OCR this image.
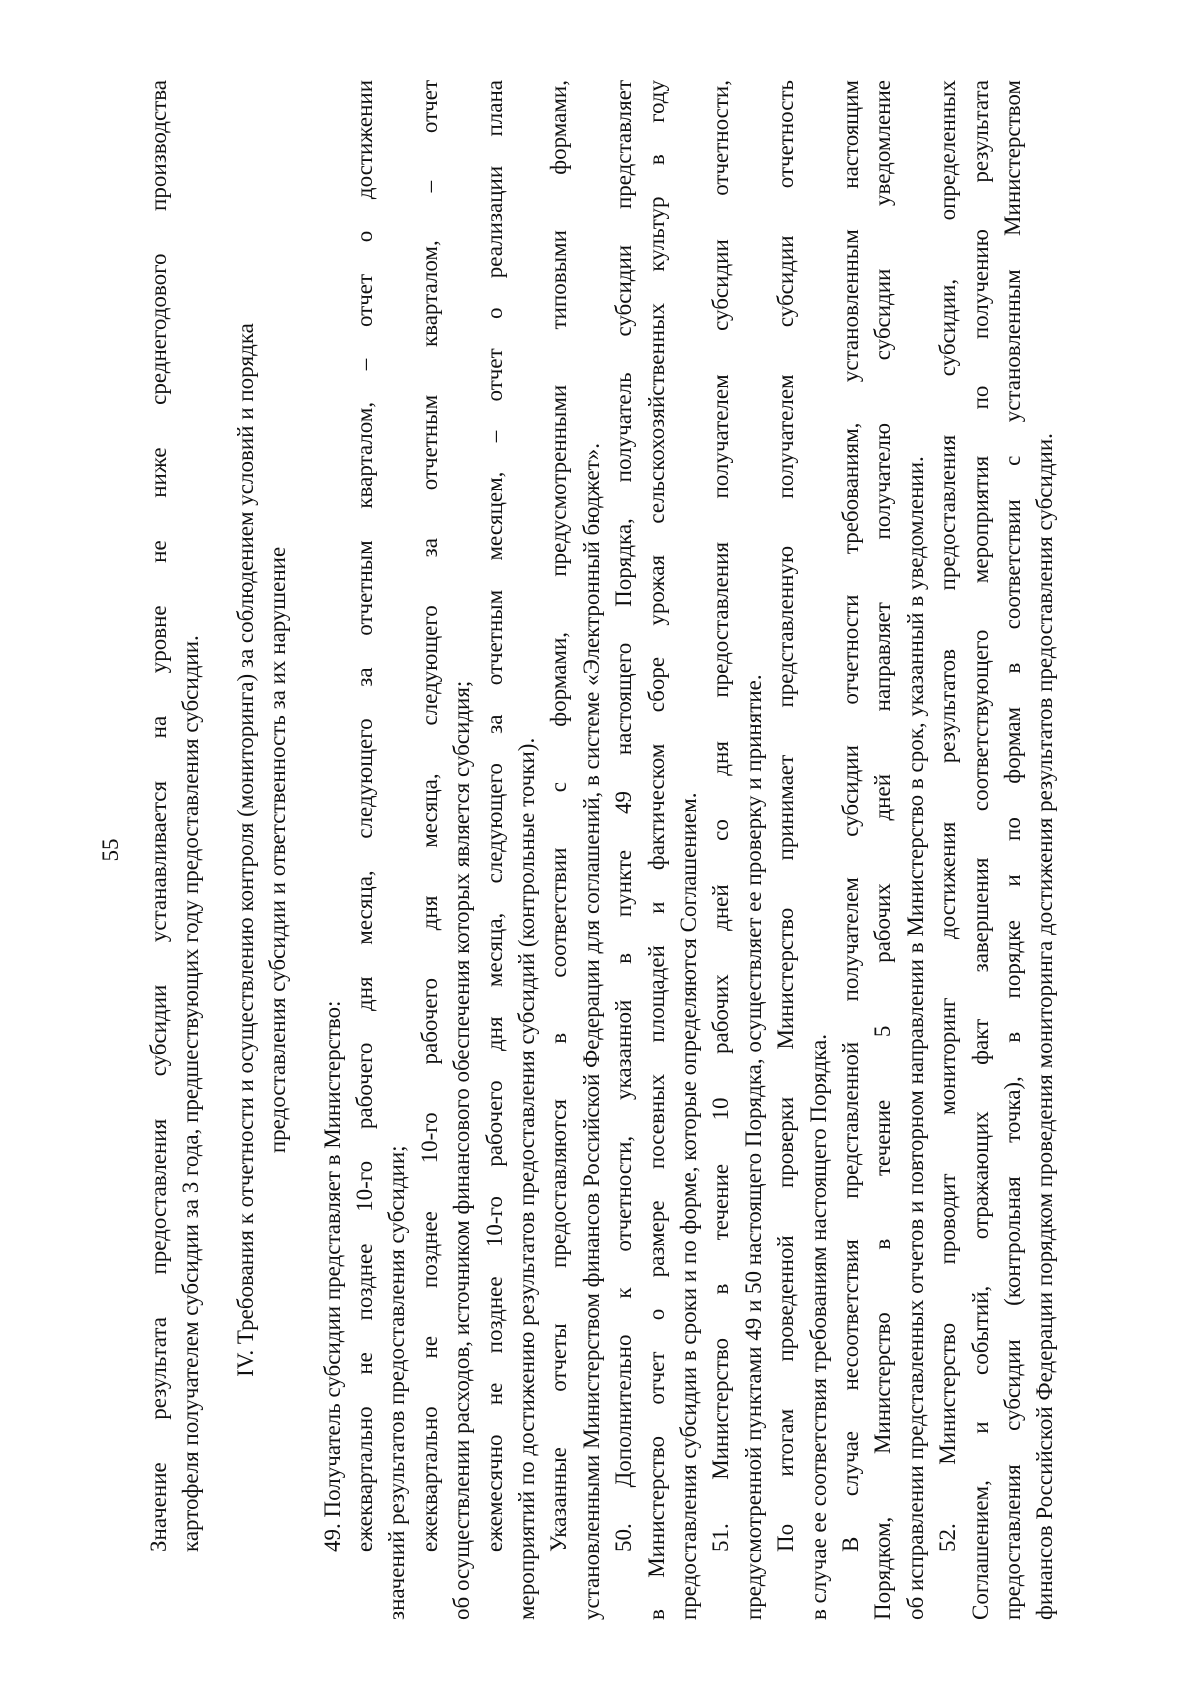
55 Значение результата предоставления субсидии устанавливается на уровне не ниже среднегодового производства картофеля получателем субсидии за 3 года, предшествующих году предоставления субсидии. IV. Требования к отчетности и осуществлению контроля (мониторинга) за соблюдением условий и порядка предоставления субсидии и ответственность за их нарушение
49. Получатель субсидии представляет в Министерство: ежеквартально не позднее 10-го рабочего дня месяца, следующего за отчетным кварталом, – отчет о достижении значений результатов предоставления субсидии; ежеквартально не позднее 10-го рабочего дня месяца, следующего за отчетным кварталом, – отчет об осуществлении расходов, источником финансового обеспечения которых является субсидия; ежемесячно не позднее 10-го рабочего дня месяца, следующего за отчетным месяцем, – отчет о реализации плана мероприятий по достижению результатов предоставления субсидий (контрольные точки). Указанные отчеты предоставляются в соответствии с формами, предусмотренными типовыми формами, установленными Министерством финансов Российской Федерации для соглашений, в системе «Электронный бюджет». 50. Дополнительно к отчетности, указанной в пункте 49 настоящего Порядка, получатель субсидии представляет в Министерство отчет о размере посевных площадей и фактическом сборе урожая сельскохозяйственных культур в году предоставления субсидии в сроки и по форме, которые определяются Соглашением. 51. Министерство в течение 10 рабочих дней со дня предоставления получателем субсидии отчетности, предусмотренной пунктами 49 и 50 настоящего Порядка, осуществляет ее проверку и принятие. По итогам проведенной проверки Министерство принимает представленную получателем субсидии отчетность в случае ее соответствия требованиям настоящего Порядка. В случае несоответствия представленной получателем субсидии отчетности требованиям, установленным настоящим Порядком, Министерство в течение 5 рабочих дней направляет получателю субсидии уведомление об исправлении представленных отчетов и повторном направлении в Министерство в срок, указанный в уведомлении. 52. Министерство проводит мониторинг достижения результатов предоставления субсидии, определенных Соглашением, и событий, отражающих факт завершения соответствующего мероприятия по получению результата предоставления субсидии (контрольная точка), в порядке и по формам в соответствии с установленным Министерством финансов Российской Федерации порядком проведения мониторинга достижения результатов предоставления субсидии.
